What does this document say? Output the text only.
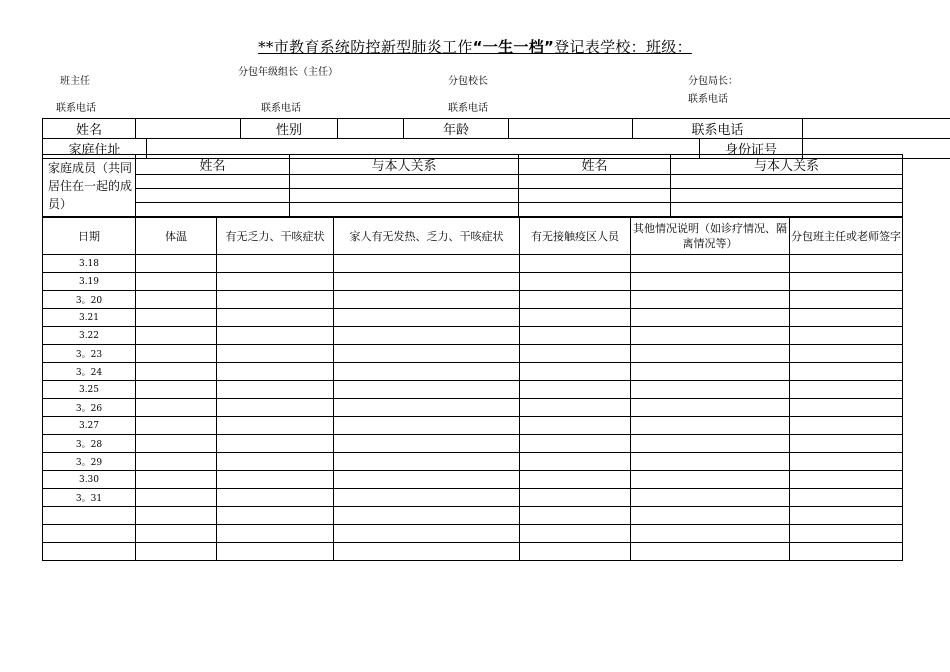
**市教育系统防控新型肺炎工作“一生一档”登记表学校：班级：
班主任
分包年级组长（主任）
分包校长	分包局长：
联系电话	联系电话	联系电话
联系电话
姓名			性别		年龄		联系电话		
家庭住址								身份证号	
家庭成员（共同居住在一起的成员）	姓名	与本人关系	姓名	与本人关系

日期	体温	有无乏力、干咳症状	家人有无发热、乏力、干咳症状	有无接触疫区人员	其他情况说明（如诊疗情况、隔离情况等）	分包班主任或老师签字
3.18						
3.19						
3。20						
3.21						
3.22						
3。23						
3。24						
3.25						
3。26						
3.27						
3。28						
3。29						
3.30						
3。31						
